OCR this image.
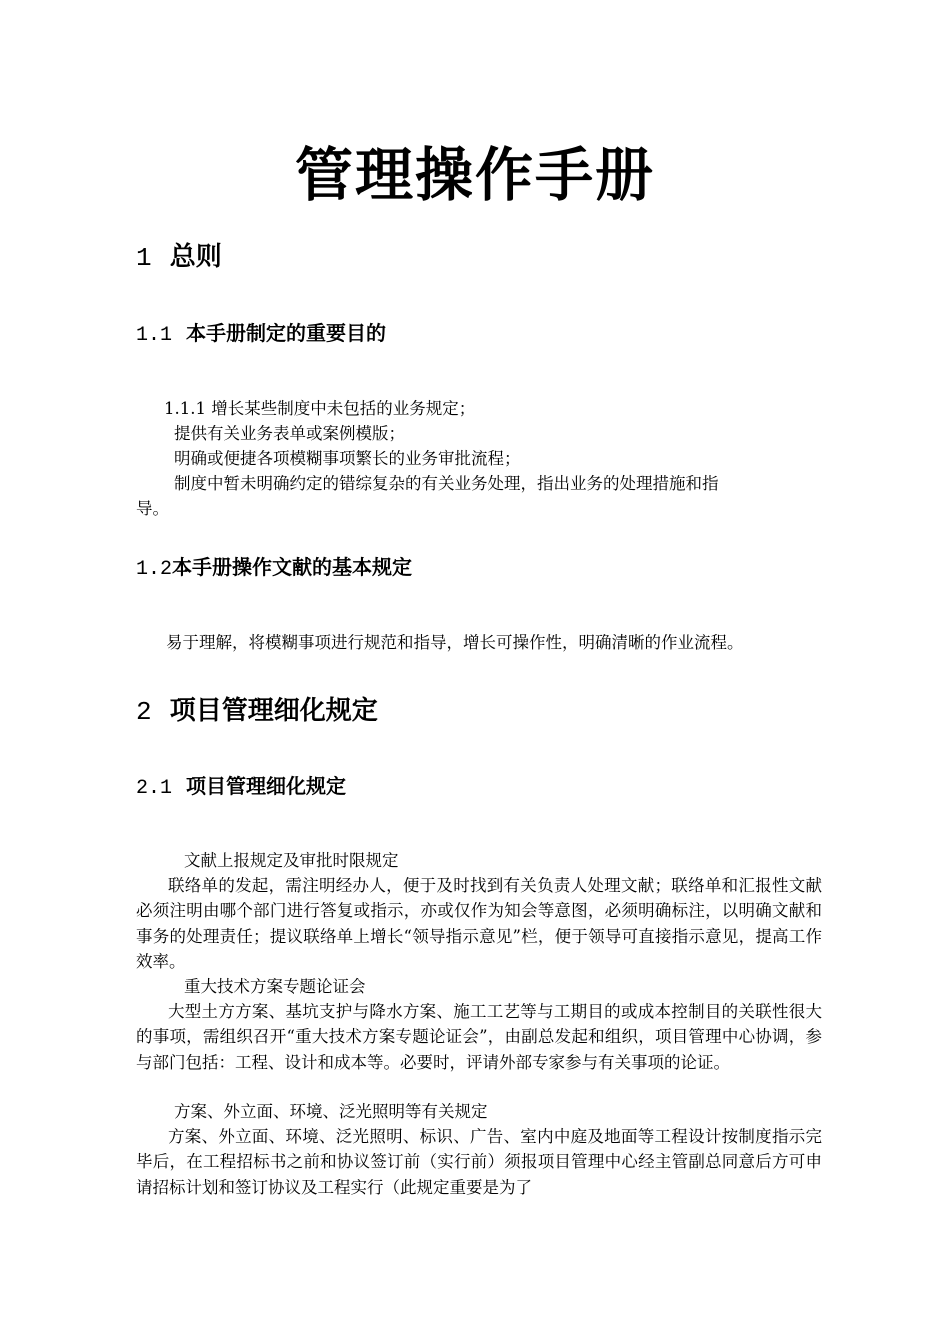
管理操作手册
1 总则
1.1 本手册制定的重要目的

1.1.1 增长某些制度中未包括的业务规定；

提供有关业务表单或案例模版；

明确或便捷各项模糊事项繁长的业务审批流程；

制度中暂未明确约定的错综复杂的有关业务处理，指出业务的处理措施和指

导。

1.2本手册操作文献的基本规定

易于理解，将模糊事项进行规范和指导，增长可操作性，明确清晰的作业流程。

2 项目管理细化规定
2.1 项目管理细化规定

文献上报规定及审批时限规定

联络单的发起，需注明经办人，便于及时找到有关负责人处理文献；联络单和汇报性文献必须注明由哪个部门进行答复或指示，亦或仅作为知会等意图，必须明确标注，以明确文献和事务的处理责任；提议联络单上增长“领导指示意见”栏，便于领导可直接指示意见，提高工作效率。

重大技术方案专题论证会

大型土方方案、基坑支护与降水方案、施工工艺等与工期目的或成本控制目的关联性很大的事项，需组织召开“重大技术方案专题论证会”，由副总发起和组织，项目管理中心协调，参与部门包括：工程、设计和成本等。必要时，评请外部专家参与有关事项的论证。

方案、外立面、环境、泛光照明等有关规定

方案、外立面、环境、泛光照明、标识、广告、室内中庭及地面等工程设计按制度指示完毕后，在工程招标书之前和协议签订前（实行前）须报项目管理中心经主管副总同意后方可申请招标计划和签订协议及工程实行（此规定重要是为了
